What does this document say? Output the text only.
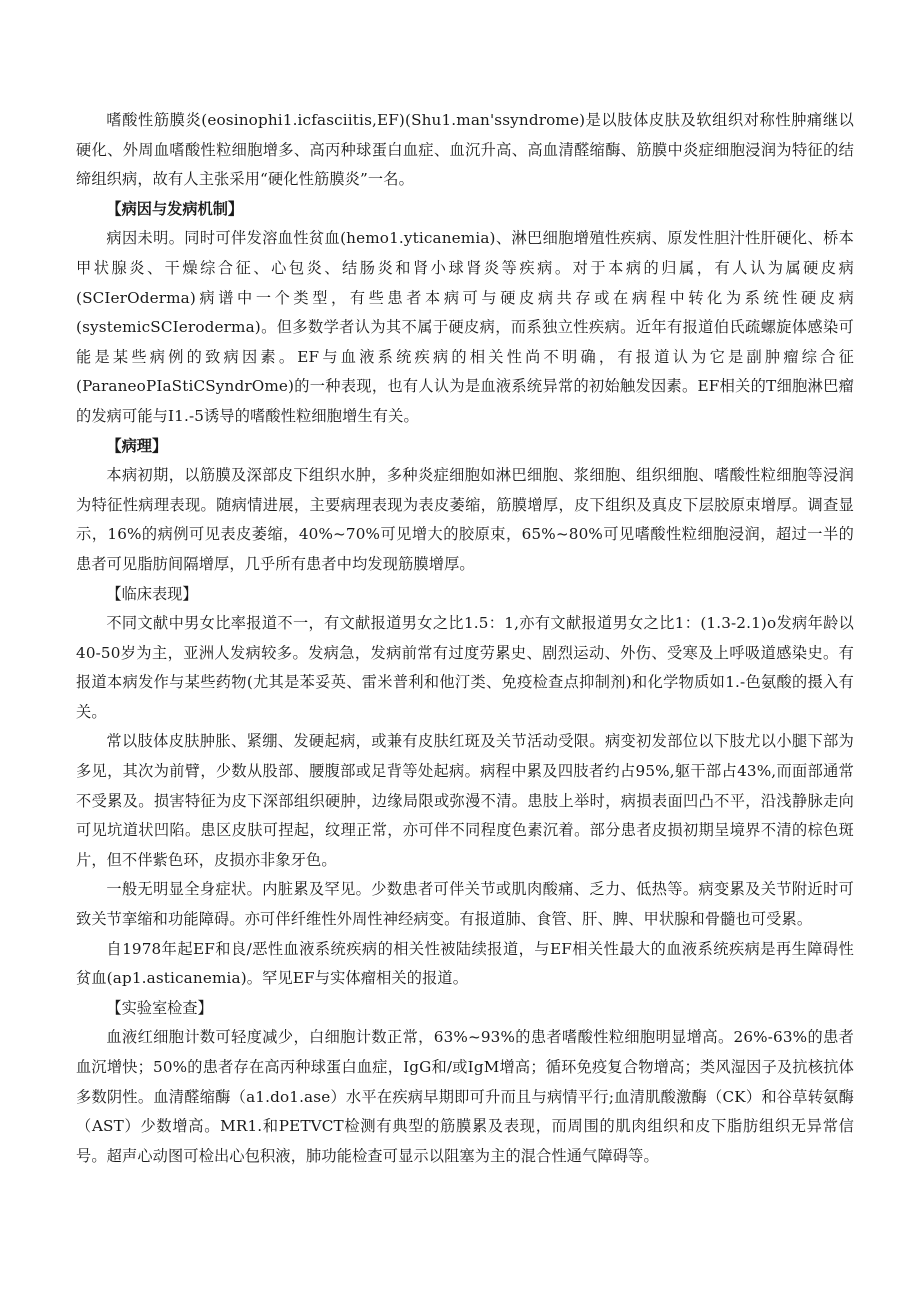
嗜酸性筋膜炎(eosinophi1.icfasciitis,EF)(Shu1.man'ssyndrome)是以肢体皮肤及软组织对称性肿痛继以硬化、外周血嗜酸性粒细胞增多、高丙种球蛋白血症、血沉升高、高血清醛缩酶、筋膜中炎症细胞浸润为特征的结缔组织病，故有人主张采用“硬化性筋膜炎”一名。

【病因与发病机制】

病因未明。同时可伴发溶血性贫血(hemo1.yticanemia)、淋巴细胞增殖性疾病、原发性胆汁性肝硬化、桥本甲状腺炎、干燥综合征、心包炎、结肠炎和肾小球肾炎等疾病。对于本病的归属，有人认为属硬皮病(SCIerOderma)病谱中一个类型，有些患者本病可与硬皮病共存或在病程中转化为系统性硬皮病(systemicSCIeroderma)。但多数学者认为其不属于硬皮病，而系独立性疾病。近年有报道伯氏疏螺旋体感染可能是某些病例的致病因素。EF与血液系统疾病的相关性尚不明确，有报道认为它是副肿瘤综合征(ParaneoPIaStiCSyndrOme)的一种表现，也有人认为是血液系统异常的初始触发因素。EF相关的T细胞淋巴瘤的发病可能与I1.-5诱导的嗜酸性粒细胞增生有关。

【病理】

本病初期，以筋膜及深部皮下组织水肿，多种炎症细胞如淋巴细胞、浆细胞、组织细胞、嗜酸性粒细胞等浸润为特征性病理表现。随病情进展，主要病理表现为表皮萎缩，筋膜增厚，皮下组织及真皮下层胶原束增厚。调查显示，16%的病例可见表皮萎缩，40%~70%可见增大的胶原束，65%~80%可见嗜酸性粒细胞浸润，超过一半的患者可见脂肪间隔增厚，几乎所有患者中均发现筋膜增厚。

【临床表现】

不同文献中男女比率报道不一，有文献报道男女之比1.5：1,亦有文献报道男女之比1：(1.3-2.1)o发病年龄以40-50岁为主，亚洲人发病较多。发病急，发病前常有过度劳累史、剧烈运动、外伤、受寒及上呼吸道感染史。有报道本病发作与某些药物(尤其是苯妥英、雷米普利和他汀类、免疫检查点抑制剂)和化学物质如1.-色氨酸的摄入有关。

常以肢体皮肤肿胀、紧绷、发硬起病，或兼有皮肤红斑及关节活动受限。病变初发部位以下肢尤以小腿下部为多见，其次为前臂，少数从股部、腰腹部或足背等处起病。病程中累及四肢者约占95%,躯干部占43%,而面部通常不受累及。损害特征为皮下深部组织硬肿，边缘局限或弥漫不清。患肢上举时，病损表面凹凸不平，沿浅静脉走向可见坑道状凹陷。患区皮肤可捏起，纹理正常，亦可伴不同程度色素沉着。部分患者皮损初期呈境界不清的棕色斑片，但不伴紫色环，皮损亦非象牙色。

一般无明显全身症状。内脏累及罕见。少数患者可伴关节或肌肉酸痛、乏力、低热等。病变累及关节附近时可致关节挛缩和功能障碍。亦可伴纤维性外周性神经病变。有报道肺、食管、肝、脾、甲状腺和骨髓也可受累。

自1978年起EF和良/恶性血液系统疾病的相关性被陆续报道，与EF相关性最大的血液系统疾病是再生障碍性贫血(ap1.asticanemia)。罕见EF与实体瘤相关的报道。

【实验室检查】

血液红细胞计数可轻度减少，白细胞计数正常，63%~93%的患者嗜酸性粒细胞明显增高。26%-63%的患者血沉增快；50%的患者存在高丙种球蛋白血症，IgG和/或IgM增高；循环免疫复合物增高；类风湿因子及抗核抗体多数阴性。血清醛缩酶（a1.do1.ase）水平在疾病早期即可升而且与病情平行;血清肌酸激酶（CK）和谷草转氨酶（AST）少数增高。MR1.和PETVCT检测有典型的筋膜累及表现，而周围的肌肉组织和皮下脂肪组织无异常信号。超声心动图可检出心包积液，肺功能检查可显示以阻塞为主的混合性通气障碍等。
